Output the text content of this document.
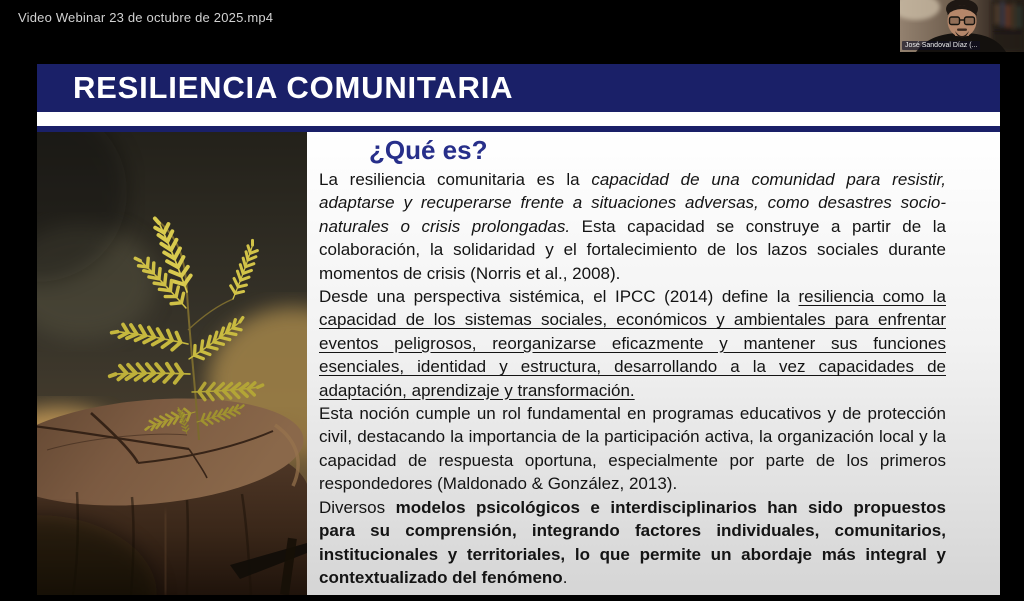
Video Webinar 23 de octubre de 2025.mp4
José Sandoval Díaz (...
RESILIENCIA COMUNITARIA
¿Qué es?

La resiliencia comunitaria es la capacidad de una comunidad para resistir, adaptarse y recuperarse frente a situaciones adversas, como desastres socio-naturales o crisis prolongadas. Esta capacidad se construye a partir de la colaboración, la solidaridad y el fortalecimiento de los lazos sociales durante momentos de crisis (Norris et al., 2008).

Desde una perspectiva sistémica, el IPCC (2014) define la resiliencia como la capacidad de los sistemas sociales, económicos y ambientales para enfrentar eventos peligrosos, reorganizarse eficazmente y mantener sus funciones esenciales, identidad y estructura, desarrollando a la vez capacidades de adaptación, aprendizaje y transformación.

Esta noción cumple un rol fundamental en programas educativos y de protección civil, destacando la importancia de la participación activa, la organización local y la capacidad de respuesta oportuna, especialmente por parte de los primeros respondedores (Maldonado & González, 2013).

Diversos modelos psicológicos e interdisciplinarios han sido propuestos para su comprensión, integrando factores individuales, comunitarios, institucionales y territoriales, lo que permite un abordaje más integral y contextualizado del fenómeno.
